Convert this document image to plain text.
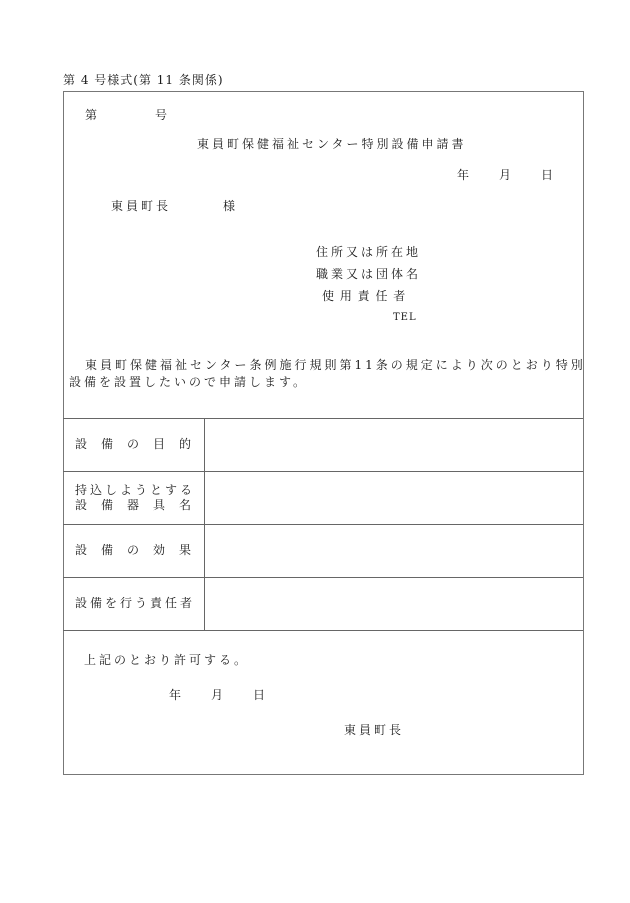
第 4 号様式(第 11 条関係)
第	号
東員町保健福祉センター特別設備申請書
年 月 日
東員町長	様
住所又は所在地
職業又は団体名
使 用 責 任 者
TEL
東員町保健福祉センター条例施行規則第11条の規定により次のとおり特別
設備を設置したいので申請します。
設　備　の　目　的
持込しようとする
設　備　器　具　名
設　備　の　効　果
設備を行う責任者
上記のとおり許可する。
年 月 日
東員町長
